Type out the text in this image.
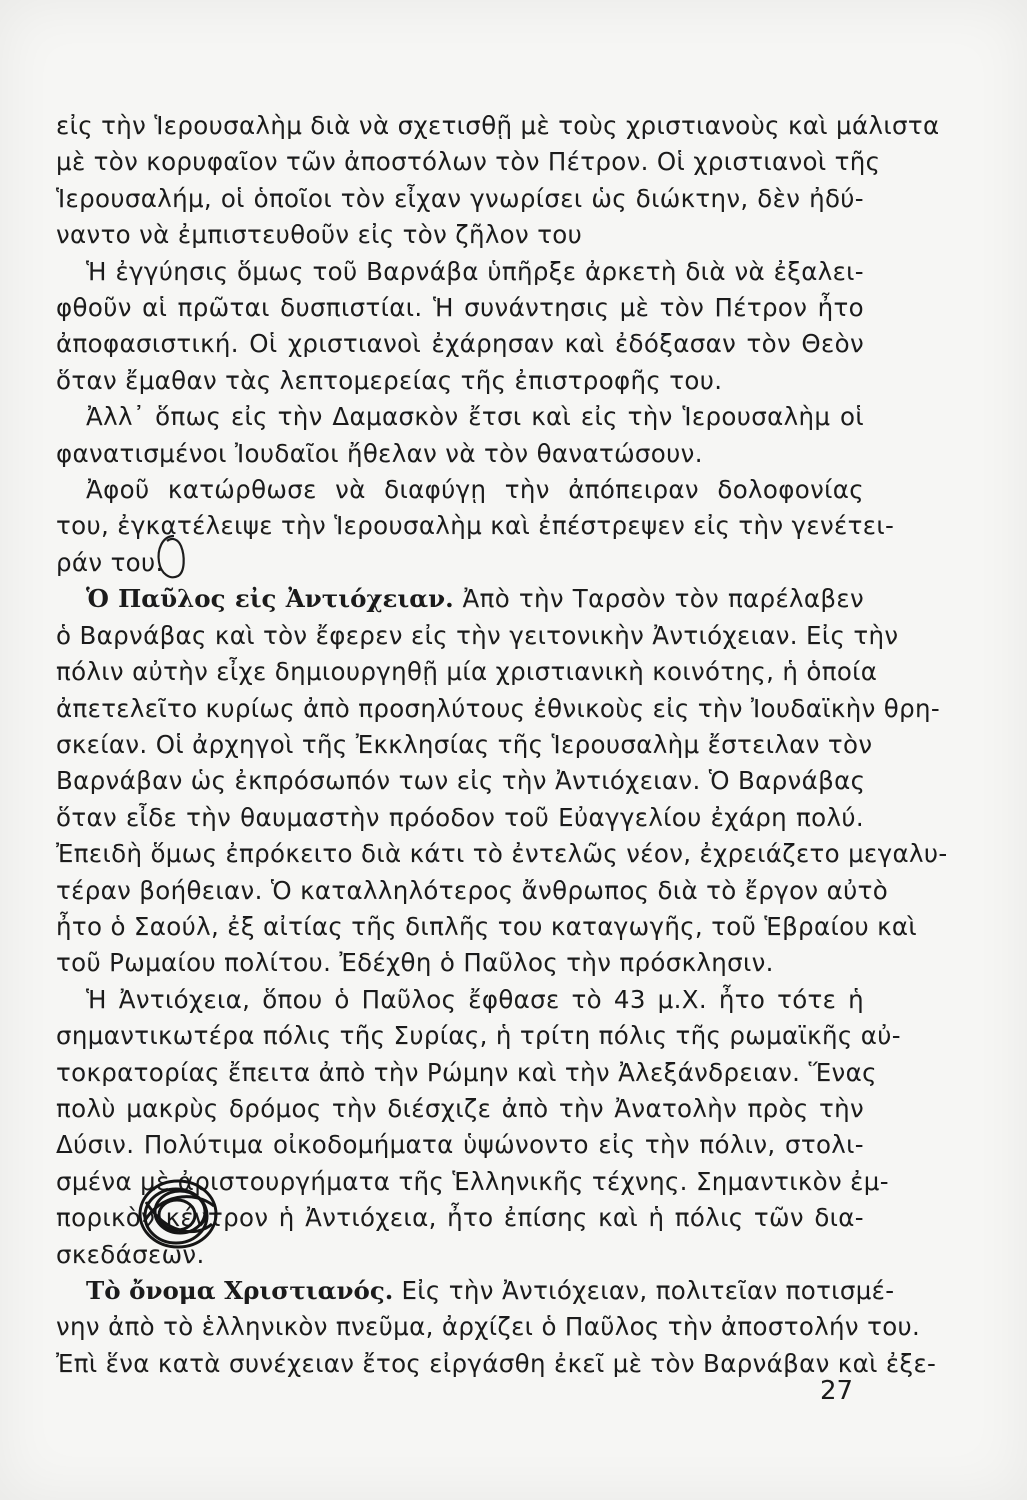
εἰς τὴν Ἱερουσαλὴμ διὰ νὰ σχετισθῇ μὲ τοὺς χριστιανοὺς καὶ μάλιστα
μὲ τὸν κορυφαῖον τῶν ἀποστόλων τὸν Πέτρον. Οἱ χριστιανοὶ τῆς
Ἱερουσαλήμ, οἱ ὁποῖοι τὸν εἶχαν γνωρίσει ὡς διώκτην, δὲν ἠδύ-
ναντο νὰ ἐμπιστευθοῦν εἰς τὸν ζῆλον του

Ἡ ἐγγύησις ὅμως τοῦ Βαρνάβα ὑπῆρξε ἀρκετὴ διὰ νὰ ἐξαλει-
φθοῦν αἱ πρῶται δυσπιστίαι. Ἡ συνάντησις μὲ τὸν Πέτρον ἦτο
ἀποφασιστική. Οἱ χριστιανοὶ ἐχάρησαν καὶ ἐδόξασαν τὸν Θεὸν
ὅταν ἔμαθαν τὰς λεπτομερείας τῆς ἐπιστροφῆς του.

Ἀλλ᾿ ὅπως εἰς τὴν Δαμασκὸν ἔτσι καὶ εἰς τὴν Ἱερουσαλὴμ οἱ
φανατισμένοι Ἰουδαῖοι ἤθελαν νὰ τὸν θανατώσουν.

Ἀφοῦ κατώρθωσε νὰ διαφύγῃ τὴν ἀπόπειραν δολοφονίας
του, ἐγκατέλειψε τὴν Ἱερουσαλὴμ καὶ ἐπέστρεψεν εἰς τὴν γενέτει-
ράν του.

Ὁ Παῦλος εἰς Ἀντιόχειαν. Ἀπὸ τὴν Ταρσὸν τὸν παρέλαβεν
ὁ Βαρνάβας καὶ τὸν ἔφερεν εἰς τὴν γειτονικὴν Ἀντιόχειαν. Εἰς τὴν
πόλιν αὐτὴν εἶχε δημιουργηθῇ μία χριστιανικὴ κοινότης, ἡ ὁποία
ἀπετελεῖτο κυρίως ἀπὸ προσηλύτους ἐθνικοὺς εἰς τὴν Ἰουδαϊκὴν θρη-
σκείαν. Οἱ ἀρχηγοὶ τῆς Ἐκκλησίας τῆς Ἱερουσαλὴμ ἔστειλαν τὸν
Βαρνάβαν ὡς ἐκπρόσωπόν των εἰς τὴν Ἀντιόχειαν. Ὁ Βαρνάβας
ὅταν εἶδε τὴν θαυμαστὴν πρόοδον τοῦ Εὐαγγελίου ἐχάρη πολύ.
Ἐπειδὴ ὅμως ἐπρόκειτο διὰ κάτι τὸ ἐντελῶς νέον, ἐχρειάζετο μεγαλυ-
τέραν βοήθειαν. Ὁ καταλληλότερος ἄνθρωπος διὰ τὸ ἔργον αὐτὸ
ἦτο ὁ Σαούλ, ἐξ αἰτίας τῆς διπλῆς του καταγωγῆς, τοῦ Ἑβραίου καὶ
τοῦ Ρωμαίου πολίτου. Ἐδέχθη ὁ Παῦλος τὴν πρόσκλησιν.

Ἡ Ἀντιόχεια, ὅπου ὁ Παῦλος ἔφθασε τὸ 43 μ.Χ. ἦτο τότε ἡ
σημαντικωτέρα πόλις τῆς Συρίας, ἡ τρίτη πόλις τῆς ρωμαϊκῆς αὐ-
τοκρατορίας ἔπειτα ἀπὸ τὴν Ρώμην καὶ τὴν Ἀλεξάνδρειαν. Ἕνας
πολὺ μακρὺς δρόμος τὴν διέσχιζε ἀπὸ τὴν Ἀνατολὴν πρὸς τὴν
Δύσιν. Πολύτιμα οἰκοδομήματα ὑψώνοντο εἰς τὴν πόλιν, στολι-
σμένα μὲ ἀριστουργήματα τῆς Ἑλληνικῆς τέχνης. Σημαντικὸν ἐμ-
πορικὸν κέντρον ἡ Ἀντιόχεια, ἦτο ἐπίσης καὶ ἡ πόλις τῶν δια-
σκεδάσεων.

Τὸ ὄνομα Χριστιανός. Εἰς τὴν Ἀντιόχειαν, πολιτεῖαν ποτισμέ-
νην ἀπὸ τὸ ἑλληνικὸν πνεῦμα, ἀρχίζει ὁ Παῦλος τὴν ἀποστολήν του.
Ἐπὶ ἕνα κατὰ συνέχειαν ἔτος εἰργάσθη ἐκεῖ μὲ τὸν Βαρνάβαν καὶ ἐξε-

27
